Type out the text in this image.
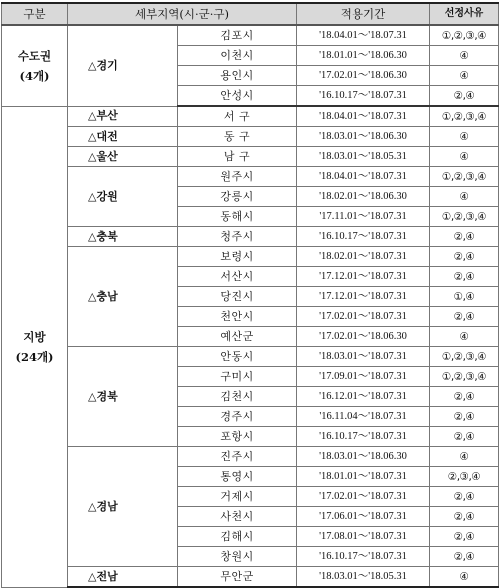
구분	세부지역(시·군·구)		적용기간	선정사유

수도권
(4개)	△경기	김포시	'18.04.01～'18.07.31	①,②,③,④
		이천시	'18.01.01～'18.06.30	④
		용인시	'17.02.01～'18.06.30	④
		안성시	'16.10.17～'18.07.31	②,④

지방
(24개)	△부산	서 구	'18.04.01～'18.07.31	①,②,③,④
	△대전	동 구	'18.03.01～'18.06.30	④
	△울산	남 구	'18.03.01～'18.05.31	④
	△강원	원주시	'18.04.01～'18.07.31	①,②,③,④
		강릉시	'18.02.01～'18.06.30	④
		동해시	'17.11.01～'18.07.31	①,②,③,④
	△충북	청주시	'16.10.17～'18.07.31	②,④
	△충남	보령시	'18.02.01～'18.07.31	②,④
		서산시	'17.12.01～'18.07.31	②,④
		당진시	'17.12.01～'18.07.31	①,④
		천안시	'17.02.01～'18.07.31	②,④
		예산군	'17.02.01～'18.06.30	④
	△경북	안동시	'18.03.01～'18.07.31	①,②,③,④
		구미시	'17.09.01～'18.07.31	①,②,③,④
		김천시	'16.12.01～'18.07.31	②,④
		경주시	'16.11.04～'18.07.31	②,④
		포항시	'16.10.17～'18.07.31	②,④
	△경남	진주시	'18.03.01～'18.06.30	④
		통영시	'18.01.01～'18.07.31	②,③,④
		거제시	'17.02.01～'18.07.31	②,④
		사천시	'17.06.01～'18.07.31	②,④
		김해시	'17.08.01～'18.07.31	②,④
		창원시	'16.10.17～'18.07.31	②,④
	△전남	무안군	'18.03.01～'18.05.31	④
